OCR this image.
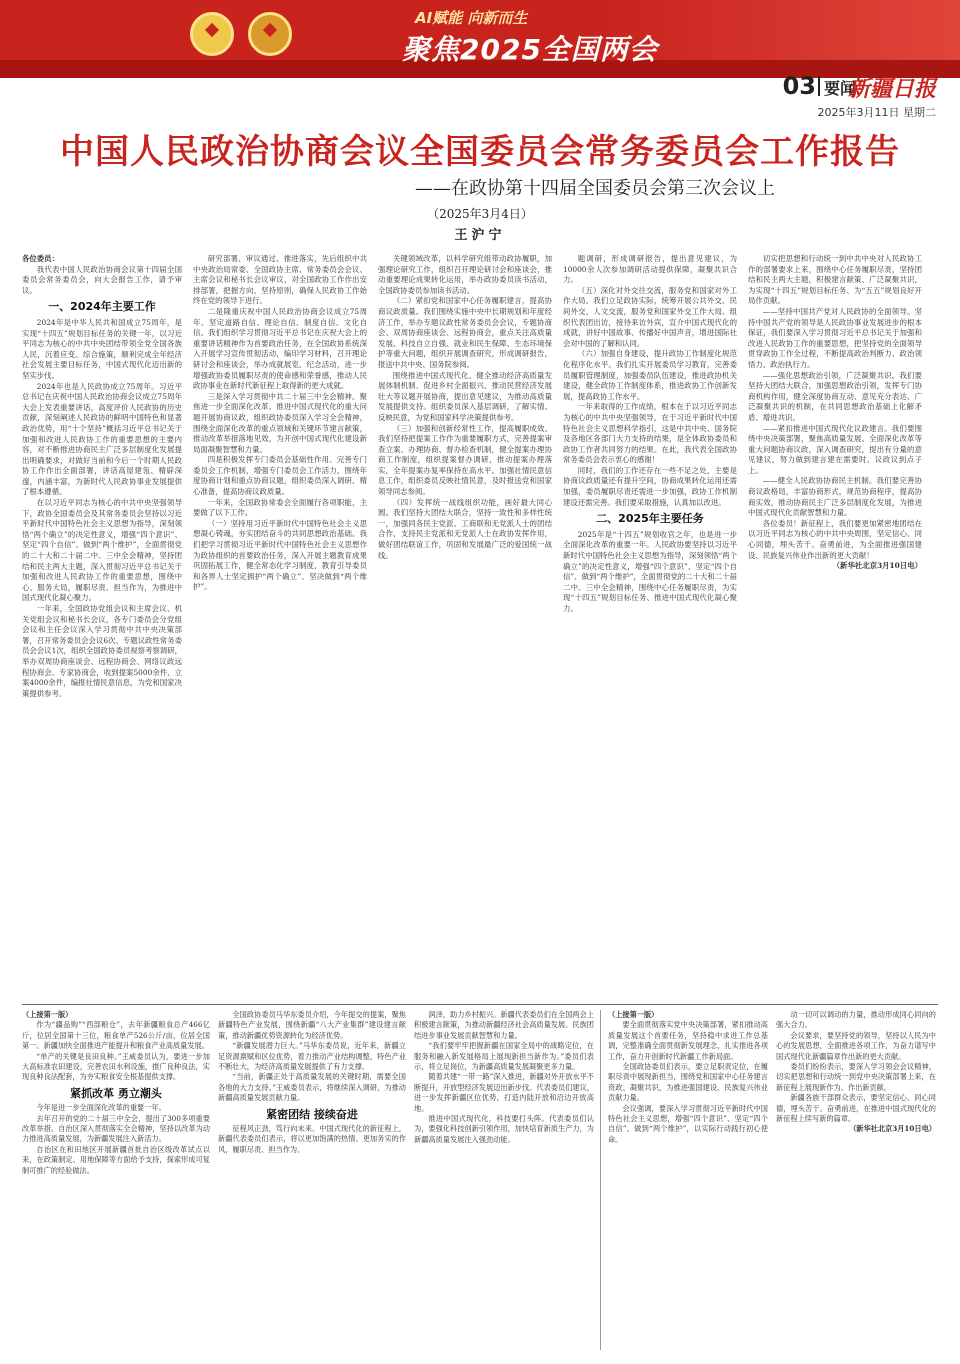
AI赋能 向新而生
聚焦2025全国两会
03 要闻
新疆日报
2025年3月11日 星期二
中国人民政治协商会议全国委员会常务委员会工作报告
——在政协第十四届全国委员会第三次会议上
（2025年3月4日）
王沪宁

各位委员：

我代表中国人民政治协商会议第十四届全国委员会常务委员会，向大会报告工作，请予审议。

一、2024年主要工作

2024年是中华人民共和国成立75周年，是实现“十四五”规划目标任务的关键一年，以习近平同志为核心的中共中央团结带领全党全国各族人民，沉着应变、综合施策，顺利完成全年经济社会发展主要目标任务，中国式现代化迈出新的坚实步伐。

2024年也是人民政协成立75周年。习近平总书记在庆祝中国人民政治协商会议成立75周年大会上发表重要讲话，高度评价人民政协的历史贡献，深刻阐述人民政协的鲜明中国特色和显著政治优势，用“十个坚持”概括习近平总书记关于加强和改进人民政协工作的重要思想的主要内容，对不断推进协商民主广泛多层制度化发展提出明确要求，对做好当前和今后一个时期人民政协工作作出全面部署，讲话高屋建瓴、精辟深邃，内涵丰富，为新时代人民政协事业发展提供了根本遵循。

在以习近平同志为核心的中共中央坚强领导下，政协全国委员会及其常务委员会坚持以习近平新时代中国特色社会主义思想为指导，深刻领悟“两个确立”的决定性意义，增强“四个意识”、坚定“四个自信”、做到“两个维护”，全面贯彻党的二十大和二十届二中、三中全会精神，坚持团结和民主两大主题，深入贯彻习近平总书记关于加强和改进人民政协工作的重要思想，围绕中心、服务大局，履职尽责、担当作为，为推进中国式现代化凝心聚力。

一年来，全国政协党组会议和主席会议、机关党组会议和秘书长会议，各专门委员会分党组会议和主任会议深入学习贯彻中共中央决策部署，召开常务委员会会议6次、专题议政性常务委员会会议1次，组织全国政协委员视察考察调研，举办双周协商座谈会、远程协商会、网络议政远程协商会、专家协商会，收到提案5000余件、立案4000余件，编报社情民意信息，为党和国家决策提供参考。

研究部署、审议通过、推进落实，先后组织中共中央政治局常委、全国政协主席、常务委员会会议、主席会议和秘书长会议审议，对全国政协工作作出安排部署，把握方向、坚持原则，确保人民政协工作始终在党的领导下进行。

二是隆重庆祝中国人民政治协商会议成立75周年。坚定道路自信、理论自信、制度自信、文化自信。我们组织学习贯彻习近平总书记在庆祝大会上的重要讲话精神作为首要政治任务，在全国政协系统深入开展学习宣传贯彻活动，编印学习材料，召开理论研讨会和座谈会，举办成就展览、纪念活动，进一步增强政协委员履职尽责的使命感和荣誉感，推动人民政协事业在新时代新征程上取得新的更大成就。

三是深入学习贯彻中共二十届三中全会精神。聚焦进一步全面深化改革、推进中国式现代化的重大问题开展协商议政，组织政协委员深入学习全会精神，围绕全面深化改革的重点领域和关键环节建言献策，推动改革举措落地见效，为开创中国式现代化建设新局面凝聚智慧和力量。

四是积极发挥专门委员会基础性作用。完善专门委员会工作机制，增强专门委员会工作活力，围绕年度协商计划和重点协商议题，组织委员深入调研、精心准备，提高协商议政质量。

一年来，全国政协常委会全面履行各项职能，主要做了以下工作。

（一）坚持用习近平新时代中国特色社会主义思想凝心铸魂，夯实团结奋斗的共同思想政治基础。我们把学习贯彻习近平新时代中国特色社会主义思想作为政协组织的首要政治任务，深入开展主题教育成果巩固拓展工作，健全常态化学习制度，教育引导委员和各界人士坚定拥护“两个确立”、坚决做到“两个维护”。

关键领域改革，以科学研究组带动政协履职，加强理论研究工作，组织召开理论研讨会和座谈会，推动重要理论成果转化运用，举办政协委员读书活动，全国政协委员参加读书活动。

（二）紧扣党和国家中心任务履职建言，提高协商议政质量。我们围绕实施中央中长期规划和年度经济工作，举办专题议政性常务委员会会议，专题协商会、双周协商座谈会、远程协商会，重点关注高质量发展、科技自立自强、就业和民生保障、生态环境保护等重大问题，组织开展调查研究，形成调研报告，报送中共中央、国务院参阅。

围绕推进中国式现代化、健全推动经济高质量发展体制机制、促进乡村全面振兴、推动民营经济发展壮大等议题开展协商，提出意见建议，为推动高质量发展提供支持。组织委员深入基层调研，了解实情、反映民意，为党和国家科学决策提供参考。

（三）加强和创新经常性工作，提高履职成效。我们坚持把提案工作作为重要履职方式，完善提案审查立案、办理协商、督办检查机制，健全提案办理协商工作制度，组织提案督办调研，推动提案办理落实，全年提案办复率保持在高水平。加强社情民意信息工作，组织委员反映社情民意，及时报送党和国家领导同志参阅。

（四）发挥统一战线组织功能，画好最大同心圆。我们坚持大团结大联合，坚持一致性和多样性统一，加强同各民主党派、工商联和无党派人士的团结合作，支持民主党派和无党派人士在政协发挥作用，做好团结联谊工作，巩固和发展最广泛的爱国统一战线。

题调研，形成调研报告，提出意见建议，为10000余人次参加调研活动提供保障，凝聚共识合力。

（五）深化对外交往交流，服务党和国家对外工作大局。我们立足政协实际，统筹开展公共外交、民间外交、人文交流，服务党和国家外交工作大局。组织代表团出访，接待来访外宾，宣介中国式现代化的成就，讲好中国故事、传播好中国声音，增进国际社会对中国的了解和认同。

（六）加强自身建设，提升政协工作制度化规范化程序化水平。我们扎实开展委员学习教育，完善委员履职管理制度，加强委员队伍建设，推进政协机关建设，健全政协工作制度体系，推进政协工作创新发展，提高政协工作水平。

一年来取得的工作成绩，根本在于以习近平同志为核心的中共中央坚强领导，在于习近平新时代中国特色社会主义思想科学指引，这是中共中央、国务院及各地区各部门大力支持的结果，是全体政协委员和政协工作者共同努力的结果。在此，我代表全国政协常务委员会表示衷心的感谢！

同时，我们的工作还存在一些不足之处，主要是协商议政质量还有提升空间，协商成果转化运用还需加强，委员履职尽责还需进一步加强，政协工作机制建设还需完善。我们要采取措施，认真加以改进。

二、2025年主要任务

2025年是“十四五”规划收官之年，也是进一步全面深化改革的重要一年。人民政协要坚持以习近平新时代中国特色社会主义思想为指导，深刻领悟“两个确立”的决定性意义，增强“四个意识”、坚定“四个自信”、做到“两个维护”，全面贯彻党的二十大和二十届二中、三中全会精神，围绕中心任务履职尽责，为实现“十四五”规划目标任务、推进中国式现代化凝心聚力。

切实把思想和行动统一到中共中央对人民政协工作的部署要求上来，围绕中心任务履职尽责，坚持团结和民主两大主题，积极建言献策、广泛凝聚共识，为实现“十四五”规划目标任务、为“五五”规划良好开局作贡献。

——坚持中国共产党对人民政协的全面领导。坚持中国共产党的领导是人民政协事业发展进步的根本保证，我们要深入学习贯彻习近平总书记关于加强和改进人民政协工作的重要思想，把坚持党的全面领导贯穿政协工作全过程，不断提高政治判断力、政治领悟力、政治执行力。

——强化思想政治引领，广泛凝聚共识。我们要坚持大团结大联合，加强思想政治引领，发挥专门协商机构作用，健全深度协商互动、意见充分表达、广泛凝聚共识的机制，在共同思想政治基础上化解矛盾、增进共识。

——紧扣推进中国式现代化议政建言。我们要围绕中央决策部署，聚焦高质量发展、全面深化改革等重大问题协商议政，深入调查研究，提出有分量的意见建议，努力做到建言建在需要时、议政议到点子上。

——健全人民政协协商民主机制。我们要完善协商议政格局，丰富协商形式，规范协商程序，提高协商实效，推动协商民主广泛多层制度化发展，为推进中国式现代化贡献智慧和力量。

各位委员！新征程上，我们要更加紧密地团结在以习近平同志为核心的中共中央周围，坚定信心、同心同德，埋头苦干、奋勇前进，为全面推进强国建设、民族复兴伟业作出新的更大贡献！

（新华社北京3月10日电）

（上接第一版）

作为“疆品购”“西部粮仓”，去年新疆粮食总产466亿斤，位居全国第十三位，粮食单产526公斤/亩，位居全国第一。新疆加快全面推进产能提升和粮食产业高质量发展。

“单产的关键是良田良种。”王威委员认为，要进一步加大高标准农田建设，完善农田水利设施，推广良种良法，实现良种良法配套，为夯实粮食安全根基提供支撑。

紧抓改革 勇立潮头

今年是进一步全面深化改革的重要一年。

去年召开的党的二十届三中全会，提出了300多项重要改革举措。自治区深入贯彻落实全会精神，坚持以改革为动力推进高质量发展，为新疆发展注入新活力。

自治区在和田地区开展新疆首批自治区级改革试点以来，在政策制定、用地保障等方面给予支持，探索形成可复制可推广的经验做法。

全国政协委员马华东委员介绍，今年提交的提案，聚焦新疆特色产业发展，围绕新疆“八大产业集群”建设建言献策，推动新疆优势资源转化为经济优势。

“新疆发展潜力巨大。”马华东委员说，近年来，新疆立足资源禀赋和区位优势，着力推动产业结构调整，特色产业不断壮大，为经济高质量发展提供了有力支撑。

“当前，新疆正处于高质量发展的关键时期，需要全国各地的大力支持。”王威委员表示，将继续深入调研，为推动新疆高质量发展贡献力量。

紧密团结 接续奋进

征程风正劲，笃行向未来。中国式现代化的新征程上，新疆代表委员们表示，将以更加饱满的热情、更加务实的作风，履职尽责、担当作为。

润泽，助力乡村振兴。新疆代表委员们在全国两会上积极建言献策，为推动新疆经济社会高质量发展、民族团结进步事业发展贡献智慧和力量。

“我们要牢牢把握新疆在国家全局中的战略定位，在服务和融入新发展格局上展现新担当新作为。”委员们表示，将立足岗位，为新疆高质量发展凝聚更多力量。

随着共建“一带一路”深入推进，新疆对外开放水平不断提升，开放型经济发展迈出新步伐。代表委员们建议，进一步发挥新疆区位优势，打造内陆开放和沿边开放高地。

推进中国式现代化，科技要打头阵。代表委员们认为，要强化科技创新引领作用，加快培育新质生产力，为新疆高质量发展注入强劲动能。

（上接第一版）

要全面贯彻落实党中央决策部署，紧扣推动高质量发展这个首要任务，坚持稳中求进工作总基调，完整准确全面贯彻新发展理念，扎实推进各项工作，奋力开创新时代新疆工作新局面。

全国政协委员们表示，要立足职责定位，在履职尽责中展现新担当，围绕党和国家中心任务建言资政、凝聚共识，为推进强国建设、民族复兴伟业贡献力量。

会议强调，要深入学习贯彻习近平新时代中国特色社会主义思想，增强“四个意识”、坚定“四个自信”、做到“两个维护”，以实际行动践行初心使命。

动一切可以调动的力量，推动形成同心同向的强大合力。

会议要求，要坚持党的领导，坚持以人民为中心的发展思想，全面推进各项工作，为奋力谱写中国式现代化新疆篇章作出新的更大贡献。

委员们纷纷表示，要深入学习领会会议精神，切实把思想和行动统一到党中央决策部署上来，在新征程上展现新作为、作出新贡献。

新疆各族干部群众表示，要坚定信心、同心同德，埋头苦干、奋勇前进，在推进中国式现代化的新征程上续写新的篇章。

（新华社北京3月10日电）
